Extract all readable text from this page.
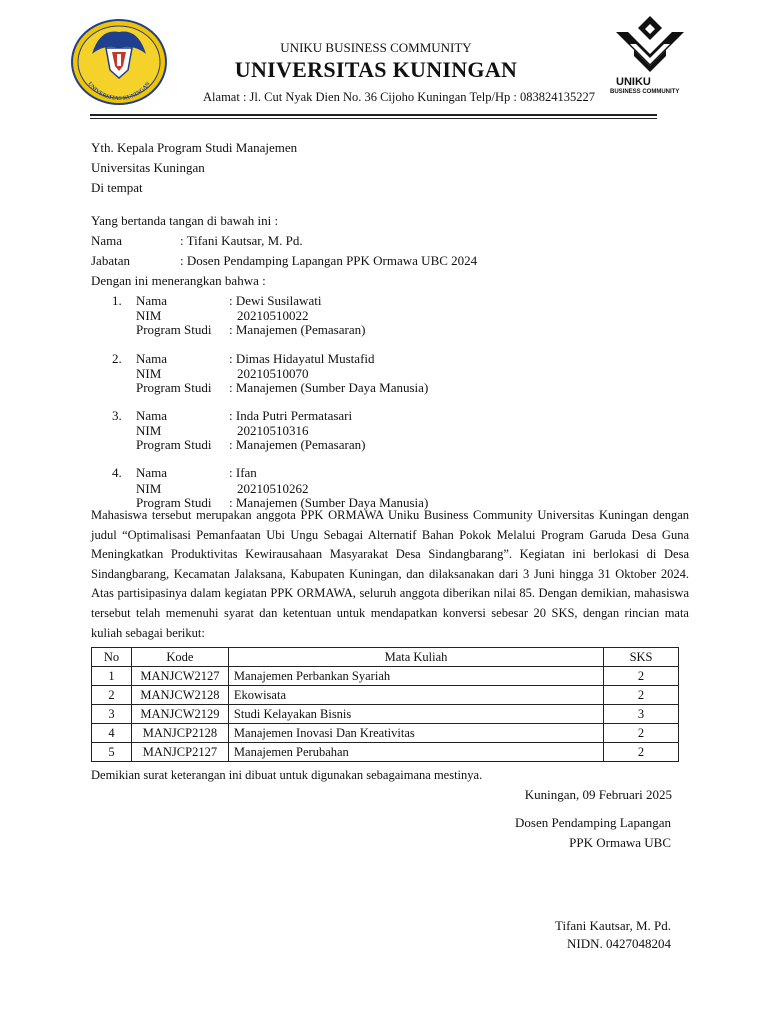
UNIVERSITAS KUNINGAN
UNIKU BUSINESS COMMUNITY
UNIVERSITAS KUNINGAN
Alamat : Jl. Cut Nyak Dien No. 36 Cijoho Kuningan Telp/Hp : 083824135227
UNIKU
BUSINESS COMMUNITY
Yth. Kepala Program Studi Manajemen
Universitas Kuningan
Di tempat
Yang bertanda tangan di bawah ini :
Nama	: Tifani Kautsar, M. Pd.
Jabatan	: Dosen Pendamping Lapangan PPK Ormawa UBC 2024
Dengan ini menerangkan bahwa :
1. Nama	: Dewi Susilawati
NIM	20210510022
Program Studi : Manajemen (Pemasaran)
2. Nama	: Dimas Hidayatul Mustafid
NIM	20210510070
Program Studi : Manajemen (Sumber Daya Manusia)
3. Nama	: Inda Putri Permatasari
NIM	20210510316
Program Studi : Manajemen (Pemasaran)
4. Nama	: Ifan
NIM	20210510262
Program Studi : Manajemen (Sumber Daya Manusia)
Mahasiswa tersebut merupakan anggota PPK ORMAWA Uniku Business Community Universitas Kuningan dengan judul “Optimalisasi Pemanfaatan Ubi Ungu Sebagai Alternatif Bahan Pokok Melalui Program Garuda Desa Guna Meningkatkan Produktivitas Kewirausahaan Masyarakat Desa Sindangbarang”. Kegiatan ini berlokasi di Desa Sindangbarang, Kecamatan Jalaksana, Kabupaten Kuningan, dan dilaksanakan dari 3 Juni hingga 31 Oktober 2024. Atas partisipasinya dalam kegiatan PPK ORMAWA, seluruh anggota diberikan nilai 85. Dengan demikian, mahasiswa tersebut telah memenuhi syarat dan ketentuan untuk mendapatkan konversi sebesar 20 SKS, dengan rincian mata kuliah sebagai berikut:
No	Kode	Mata Kuliah	SKS
1	MANJCW2127	Manajemen Perbankan Syariah	2
2	MANJCW2128	Ekowisata	2
3	MANJCW2129	Studi Kelayakan Bisnis	3
4	MANJCP2128	Manajemen Inovasi Dan Kreativitas	2
5	MANJCP2127	Manajemen Perubahan	2
Demikian surat keterangan ini dibuat untuk digunakan sebagaimana mestinya.
Kuningan, 09 Februari 2025
Dosen Pendamping Lapangan
PPK Ormawa UBC
Tifani Kautsar, M. Pd.
NIDN. 0427048204
